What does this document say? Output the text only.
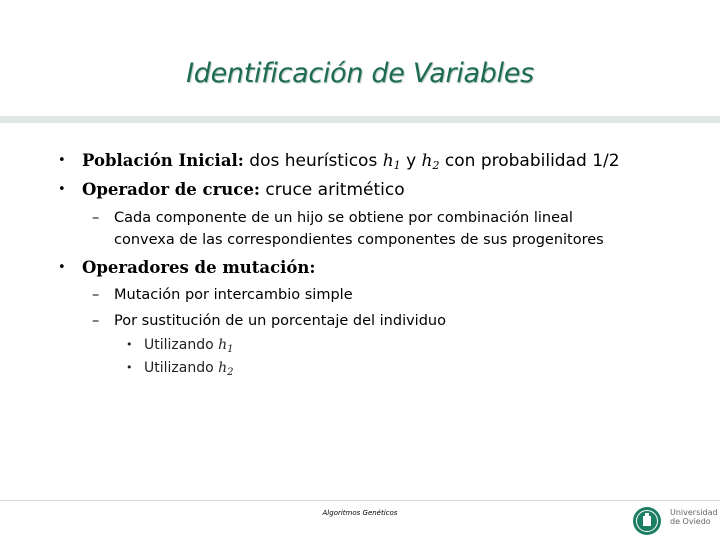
Identificación de Variables
• Población Inicial: dos heurísticos $h_1$ y $h_2$ con probabilidad 1/2
• Operador de cruce: cruce aritmético
– Cada componente de un hijo se obtiene por combinación lineal
convexa de las correspondientes componentes de sus progenitores
• Operadores de mutación:
– Mutación por intercambio simple
– Por sustitución de un porcentaje del individuo
• Utilizando $h_1$
• Utilizando $h_2$
Algoritmos Genéticos	Universidad
de Oviedo
